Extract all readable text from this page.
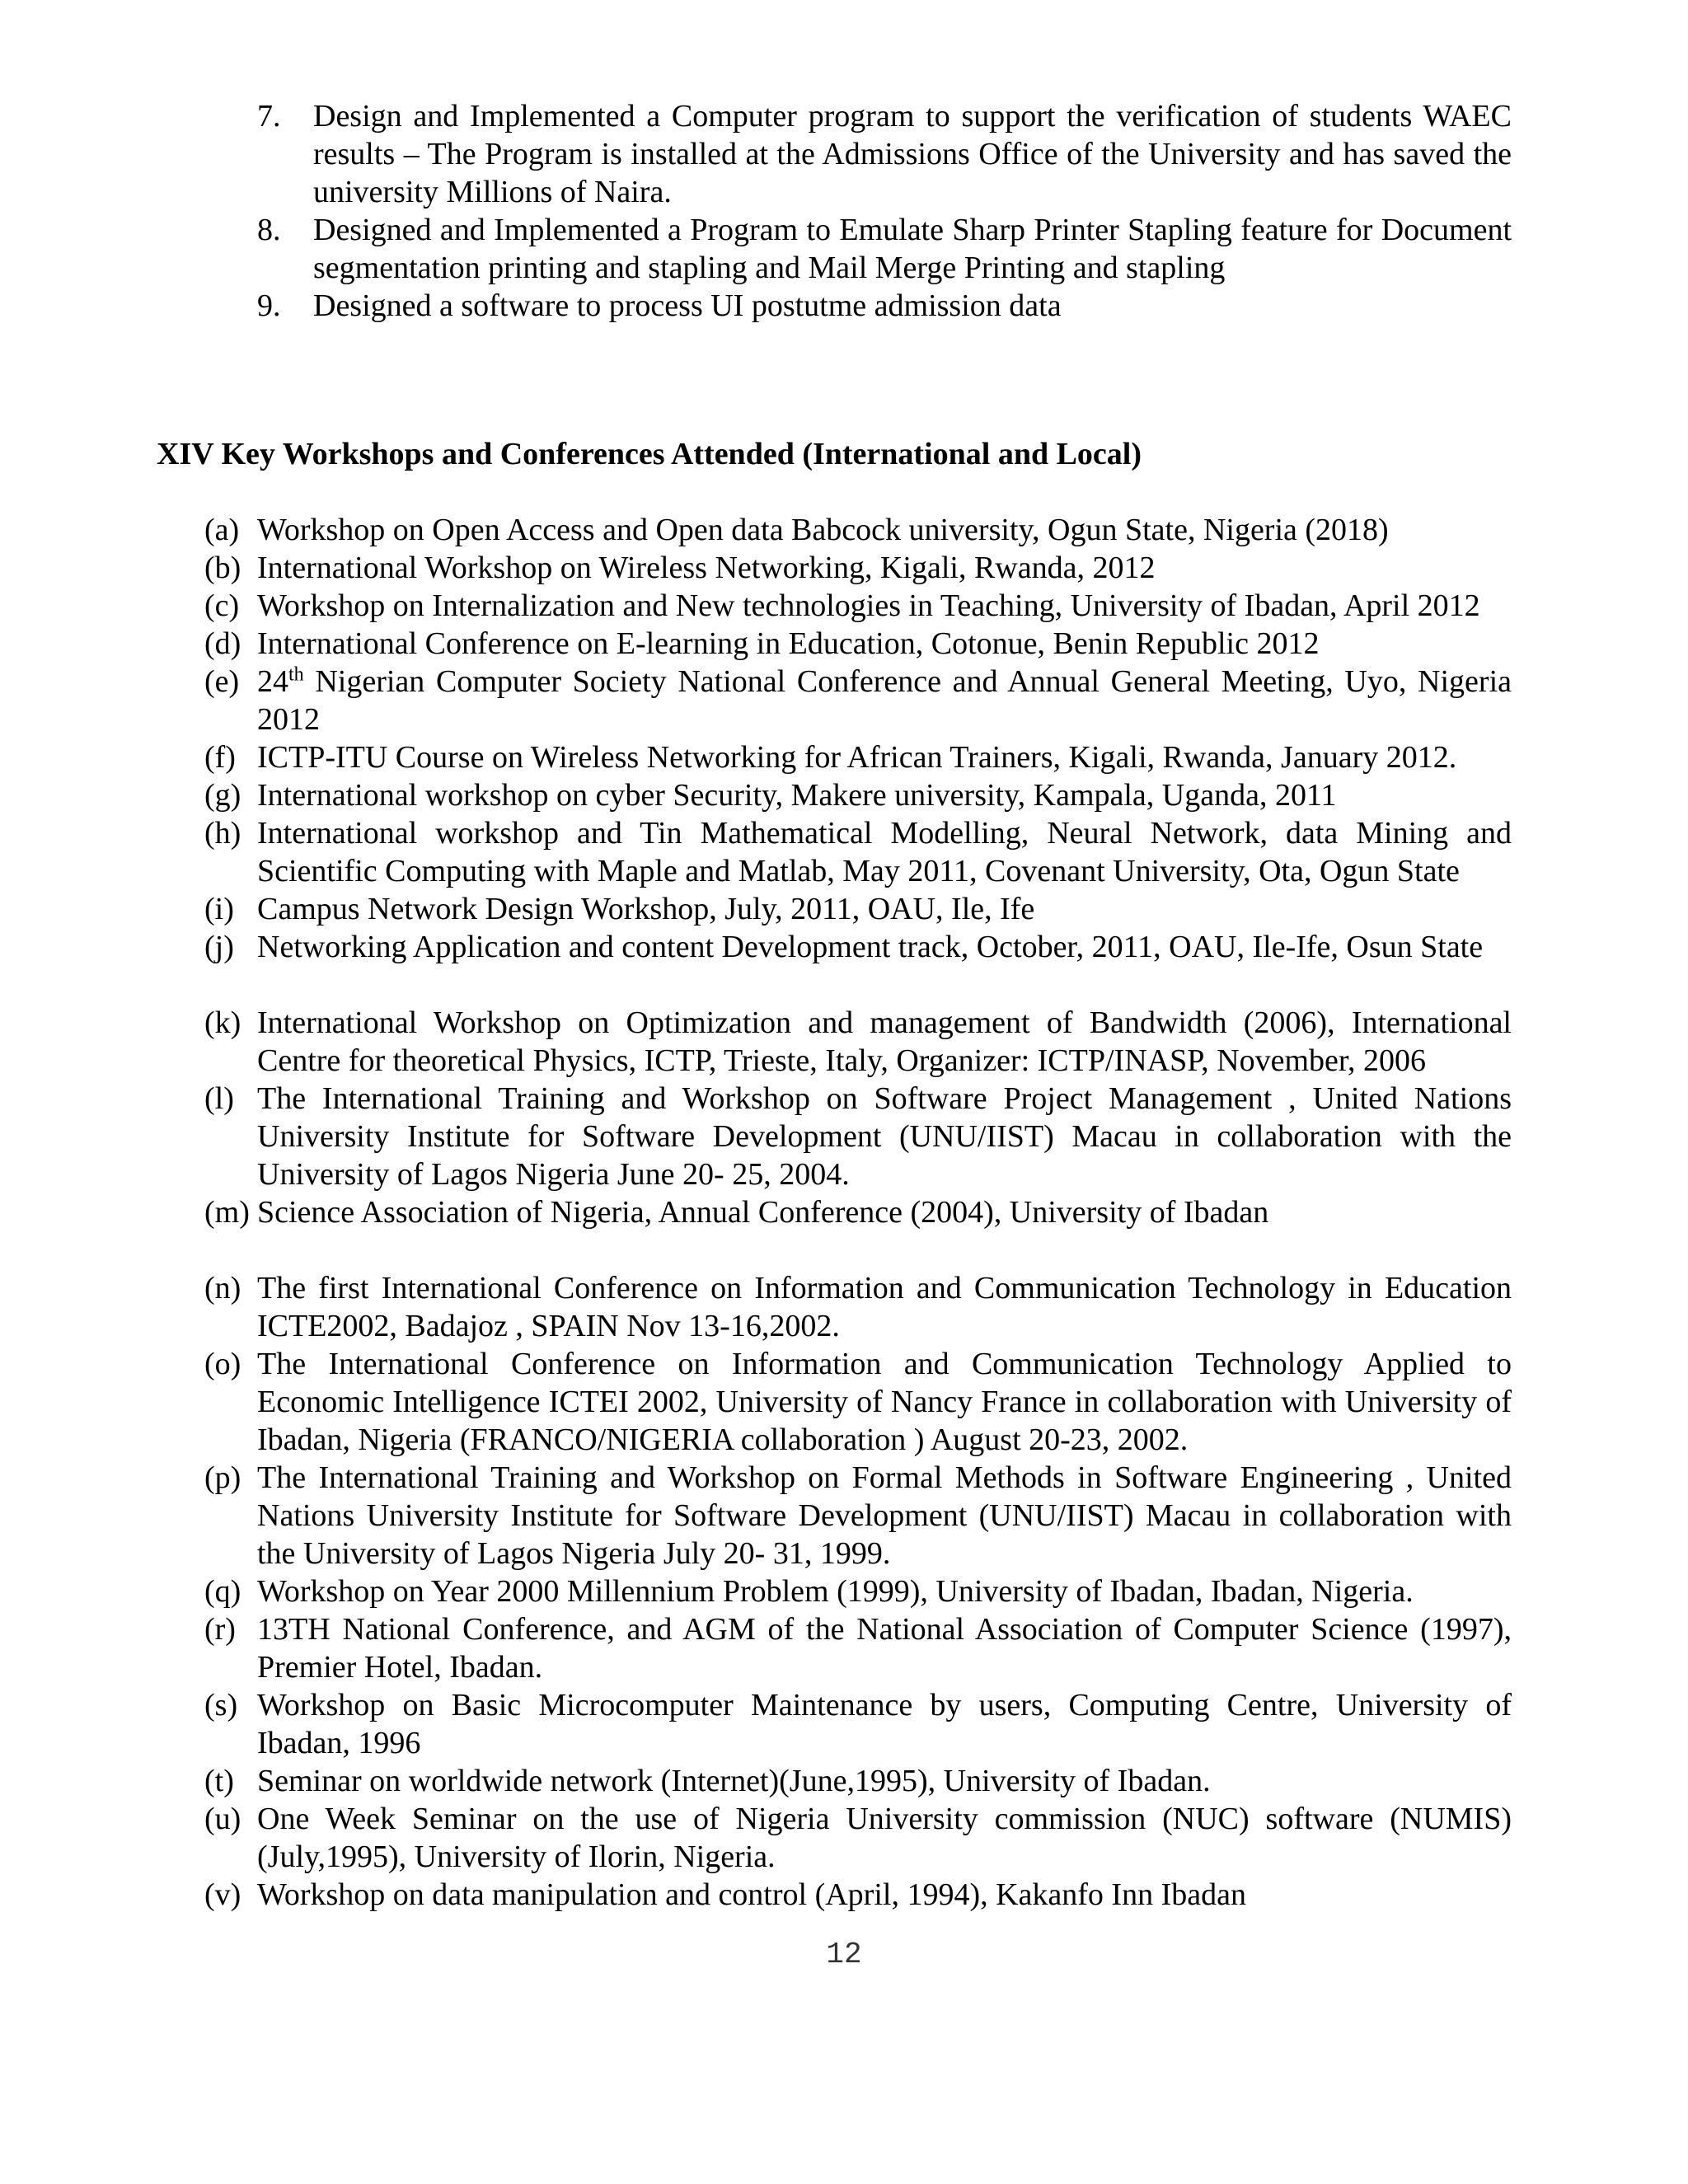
7. Design and Implemented a Computer program to support the verification of students WAEC results – The Program is installed at the Admissions Office of the University and has saved the university Millions of Naira.
8. Designed and Implemented a Program to Emulate Sharp Printer Stapling feature for Document segmentation printing and stapling and Mail Merge Printing and stapling
9. Designed a software to process UI postutme admission data
XIV Key Workshops and Conferences Attended (International and Local)
(a) Workshop on Open Access and Open data Babcock university, Ogun State, Nigeria (2018)
(b) International Workshop on Wireless Networking, Kigali, Rwanda, 2012
(c) Workshop on Internalization and New technologies in Teaching, University of Ibadan, April 2012
(d) International Conference on E-learning in Education, Cotonue, Benin Republic 2012
(e) 24th Nigerian Computer Society National Conference and Annual General Meeting, Uyo, Nigeria 2012
(f) ICTP-ITU Course on Wireless Networking for African Trainers, Kigali, Rwanda, January 2012.
(g) International workshop on cyber Security, Makere university, Kampala, Uganda, 2011
(h) International workshop and Tin Mathematical Modelling, Neural Network, data Mining and Scientific Computing with Maple and Matlab, May 2011, Covenant University, Ota, Ogun State
(i) Campus Network Design Workshop, July, 2011, OAU, Ile, Ife
(j) Networking Application and content Development track, October, 2011, OAU, Ile-Ife, Osun State
(k) International Workshop on Optimization and management of Bandwidth (2006), International Centre for theoretical Physics, ICTP, Trieste, Italy, Organizer: ICTP/INASP, November, 2006
(l) The International Training and Workshop on Software Project Management , United Nations University Institute for Software Development (UNU/IIST) Macau in collaboration with the University of Lagos Nigeria June 20- 25, 2004.
(m) Science Association of Nigeria, Annual Conference (2004), University of Ibadan
(n) The first International Conference on Information and Communication Technology in Education ICTE2002, Badajoz , SPAIN Nov 13-16,2002.
(o) The International Conference on Information and Communication Technology Applied to Economic Intelligence ICTEI 2002, University of Nancy France in collaboration with University of Ibadan, Nigeria (FRANCO/NIGERIA collaboration ) August 20-23, 2002.
(p) The International Training and Workshop on Formal Methods in Software Engineering , United Nations University Institute for Software Development (UNU/IIST) Macau in collaboration with the University of Lagos Nigeria July 20- 31, 1999.
(q) Workshop on Year 2000 Millennium Problem (1999), University of Ibadan, Ibadan, Nigeria.
(r) 13TH National Conference, and AGM of the National Association of Computer Science (1997), Premier Hotel, Ibadan.
(s) Workshop on Basic Microcomputer Maintenance by users, Computing Centre, University of Ibadan, 1996
(t) Seminar on worldwide network (Internet)(June,1995), University of Ibadan.
(u) One Week Seminar on the use of Nigeria University commission (NUC) software (NUMIS) (July,1995), University of Ilorin, Nigeria.
(v) Workshop on data manipulation and control (April, 1994), Kakanfo Inn Ibadan
12
